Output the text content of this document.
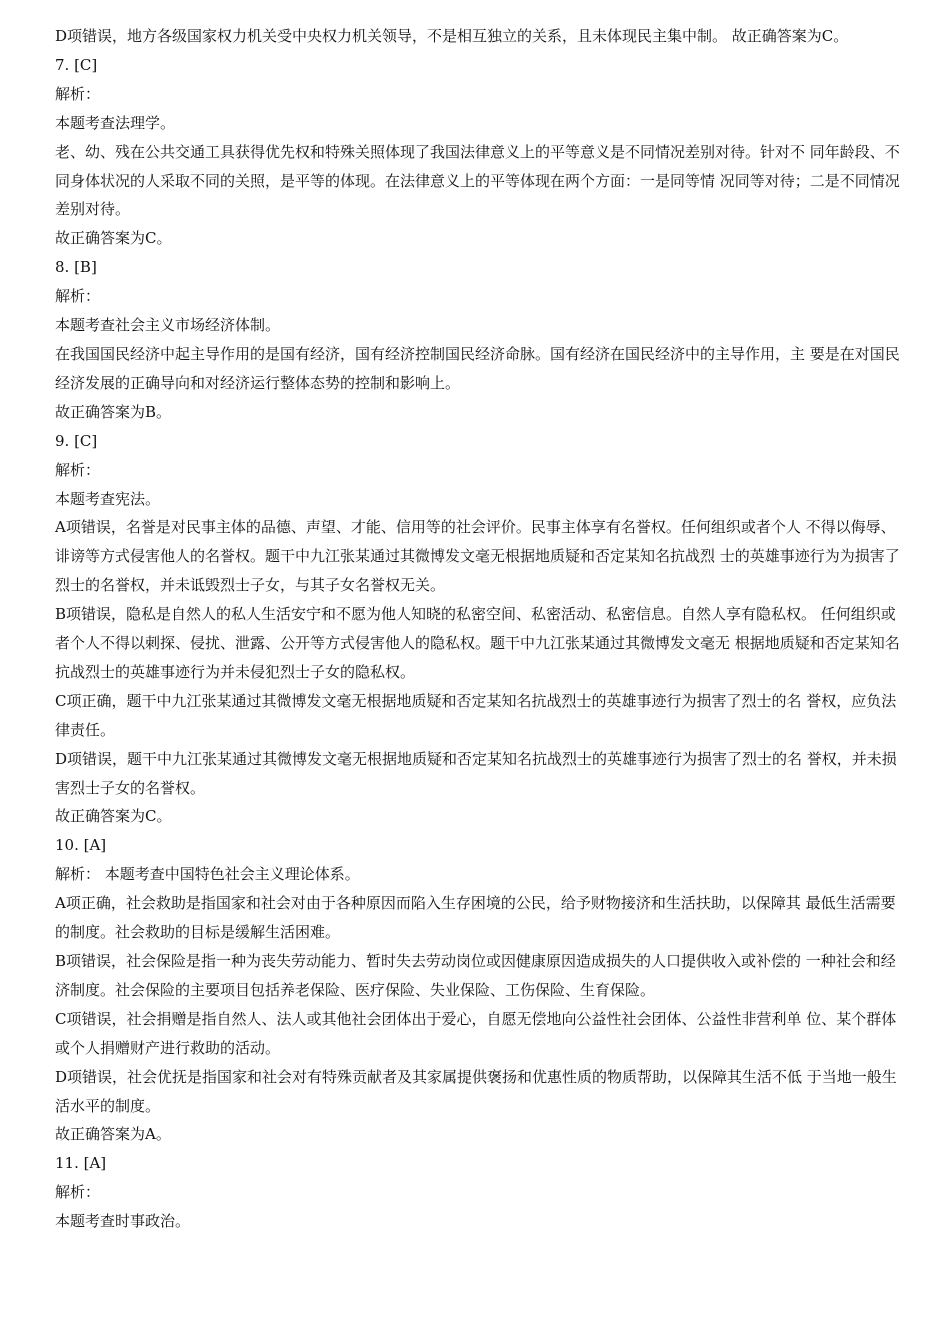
D项错误，地方各级国家权力机关受中央权力机关领导，不是相互独立的关系，且未体现民主集中制。 故正确答案为C。

7. [C]

解析：

本题考查法理学。

老、幼、残在公共交通工具获得优先权和特殊关照体现了我国法律意义上的平等意义是不同情况差别对待。针对不 同年龄段、不同身体状况的人采取不同的关照，是平等的体现。在法律意义上的平等体现在两个方面：一是同等情 况同等对待；二是不同情况差别对待。

故正确答案为C。

8. [B]

解析：

本题考查社会主义市场经济体制。

在我国国民经济中起主导作用的是国有经济，国有经济控制国民经济命脉。国有经济在国民经济中的主导作用，主 要是在对国民经济发展的正确导向和对经济运行整体态势的控制和影响上。

故正确答案为B。

9. [C]

解析：

本题考查宪法。

A项错误，名誉是对民事主体的品德、声望、才能、信用等的社会评价。民事主体享有名誉权。任何组织或者个人 不得以侮辱、诽谤等方式侵害他人的名誉权。题干中九江张某通过其微博发文毫无根据地质疑和否定某知名抗战烈 士的英雄事迹行为为损害了烈士的名誉权，并未诋毁烈士子女，与其子女名誉权无关。

B项错误，隐私是自然人的私人生活安宁和不愿为他人知晓的私密空间、私密活动、私密信息。自然人享有隐私权。 任何组织或者个人不得以刺探、侵扰、泄露、公开等方式侵害他人的隐私权。题干中九江张某通过其微博发文毫无 根据地质疑和否定某知名抗战烈士的英雄事迹行为并未侵犯烈士子女的隐私权。

C项正确，题干中九江张某通过其微博发文毫无根据地质疑和否定某知名抗战烈士的英雄事迹行为损害了烈士的名 誉权，应负法律责任。

D项错误，题干中九江张某通过其微博发文毫无根据地质疑和否定某知名抗战烈士的英雄事迹行为损害了烈士的名 誉权，并未损害烈士子女的名誉权。

故正确答案为C。

10. [A]

解析： 本题考查中国特色社会主义理论体系。

A项正确，社会救助是指国家和社会对由于各种原因而陷入生存困境的公民，给予财物接济和生活扶助，以保障其 最低生活需要的制度。社会救助的目标是缓解生活困难。

B项错误，社会保险是指一种为丧失劳动能力、暂时失去劳动岗位或因健康原因造成损失的人口提供收入或补偿的 一种社会和经济制度。社会保险的主要项目包括养老保险、医疗保险、失业保险、工伤保险、生育保险。

C项错误，社会捐赠是指自然人、法人或其他社会团体出于爱心，自愿无偿地向公益性社会团体、公益性非营利单 位、某个群体或个人捐赠财产进行救助的活动。

D项错误，社会优抚是指国家和社会对有特殊贡献者及其家属提供褒扬和优惠性质的物质帮助，以保障其生活不低 于当地一般生活水平的制度。

故正确答案为A。

11. [A]

解析：

本题考查时事政治。
